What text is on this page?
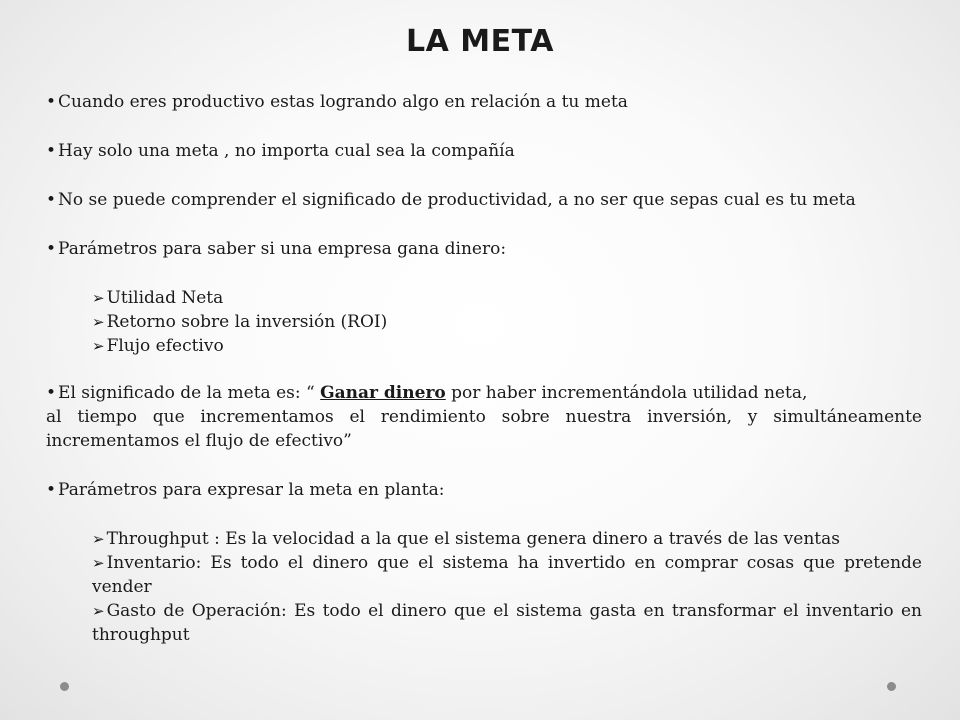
LA META

• Cuando eres productivo estas logrando algo en relación a tu meta

• Hay solo una meta , no importa cual sea la compañía

• No se puede comprender el significado de productividad, a no ser que sepas cual es tu meta

• Parámetros para saber si una empresa gana dinero:

➢ Utilidad Neta

➢ Retorno sobre la inversión (ROI)

➢ Flujo efectivo

• El significado de la meta es: “ Ganar dinero por haber incrementándola utilidad neta,
al tiempo que incrementamos el rendimiento sobre nuestra inversión, y simultáneamente incrementamos el flujo de efectivo”

• Parámetros para expresar la meta en planta:

➢ Throughput : Es la velocidad a la que el sistema genera dinero a través de las ventas

➢ Inventario: Es todo el dinero que el sistema ha invertido en comprar cosas que pretende vender

➢ Gasto de Operación: Es todo el dinero que el sistema gasta en transformar el inventario en throughput
